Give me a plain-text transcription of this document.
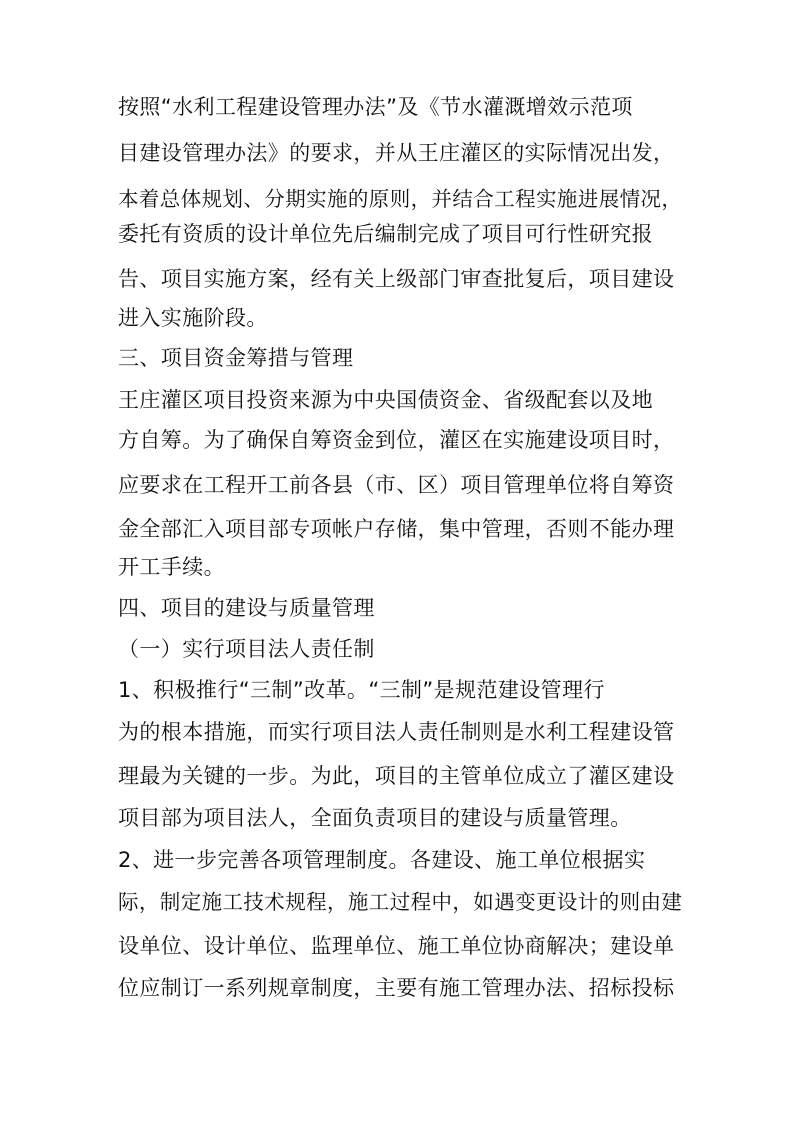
按照“水利工程建设管理办法”及《节水灌溉增效示范项
目建设管理办法》的要求，并从王庄灌区的实际情况出发，
本着总体规划、分期实施的原则，并结合工程实施进展情况，
委托有资质的设计单位先后编制完成了项目可行性研究报
告、项目实施方案，经有关上级部门审查批复后，项目建设
进入实施阶段。
三、项目资金筹措与管理
王庄灌区项目投资来源为中央国债资金、省级配套以及地
方自筹。为了确保自筹资金到位，灌区在实施建设项目时，
应要求在工程开工前各县（市、区）项目管理单位将自筹资
金全部汇入项目部专项帐户存储，集中管理，否则不能办理
开工手续。
四、项目的建设与质量管理
（一）实行项目法人责任制
1、积极推行“三制”改革。“三制”是规范建设管理行
为的根本措施，而实行项目法人责任制则是水利工程建设管
理最为关键的一步。为此，项目的主管单位成立了灌区建设
项目部为项目法人，全面负责项目的建设与质量管理。
2、进一步完善各项管理制度。各建设、施工单位根据实
际，制定施工技术规程，施工过程中，如遇变更设计的则由建
设单位、设计单位、监理单位、施工单位协商解决；建设单
位应制订一系列规章制度，主要有施工管理办法、招标投标
